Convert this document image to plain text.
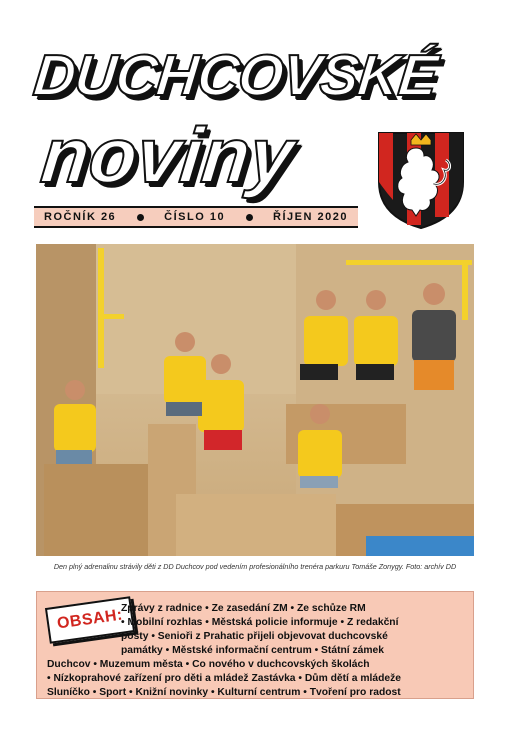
DUCHCOVSKÉ
noviny
ROČNÍK 26	ČÍSLO 10	ŘÍJEN 2020
Den plný adrenalinu strávily děti z DD Duchcov pod vedením profesionálního trenéra parkuru Tomáše Zonygy. Foto: archív DD
OBSAH:
Zprávy z radnice • Ze zasedání ZM • Ze schůze RM
• Mobilní rozhlas • Městská policie informuje • Z redakční
pošty • Senioři z Prahatic přijeli objevovat duchcovské
památky • Městské informační centrum • Státní zámek
Duchcov • Muzemum města • Co nového v duchcovských školách
• Nízkoprahové zařízení pro děti a mládež Zastávka • Dům dětí a mládeže
Sluníčko • Sport • Knižní novinky • Kulturní centrum • Tvoření pro radost
